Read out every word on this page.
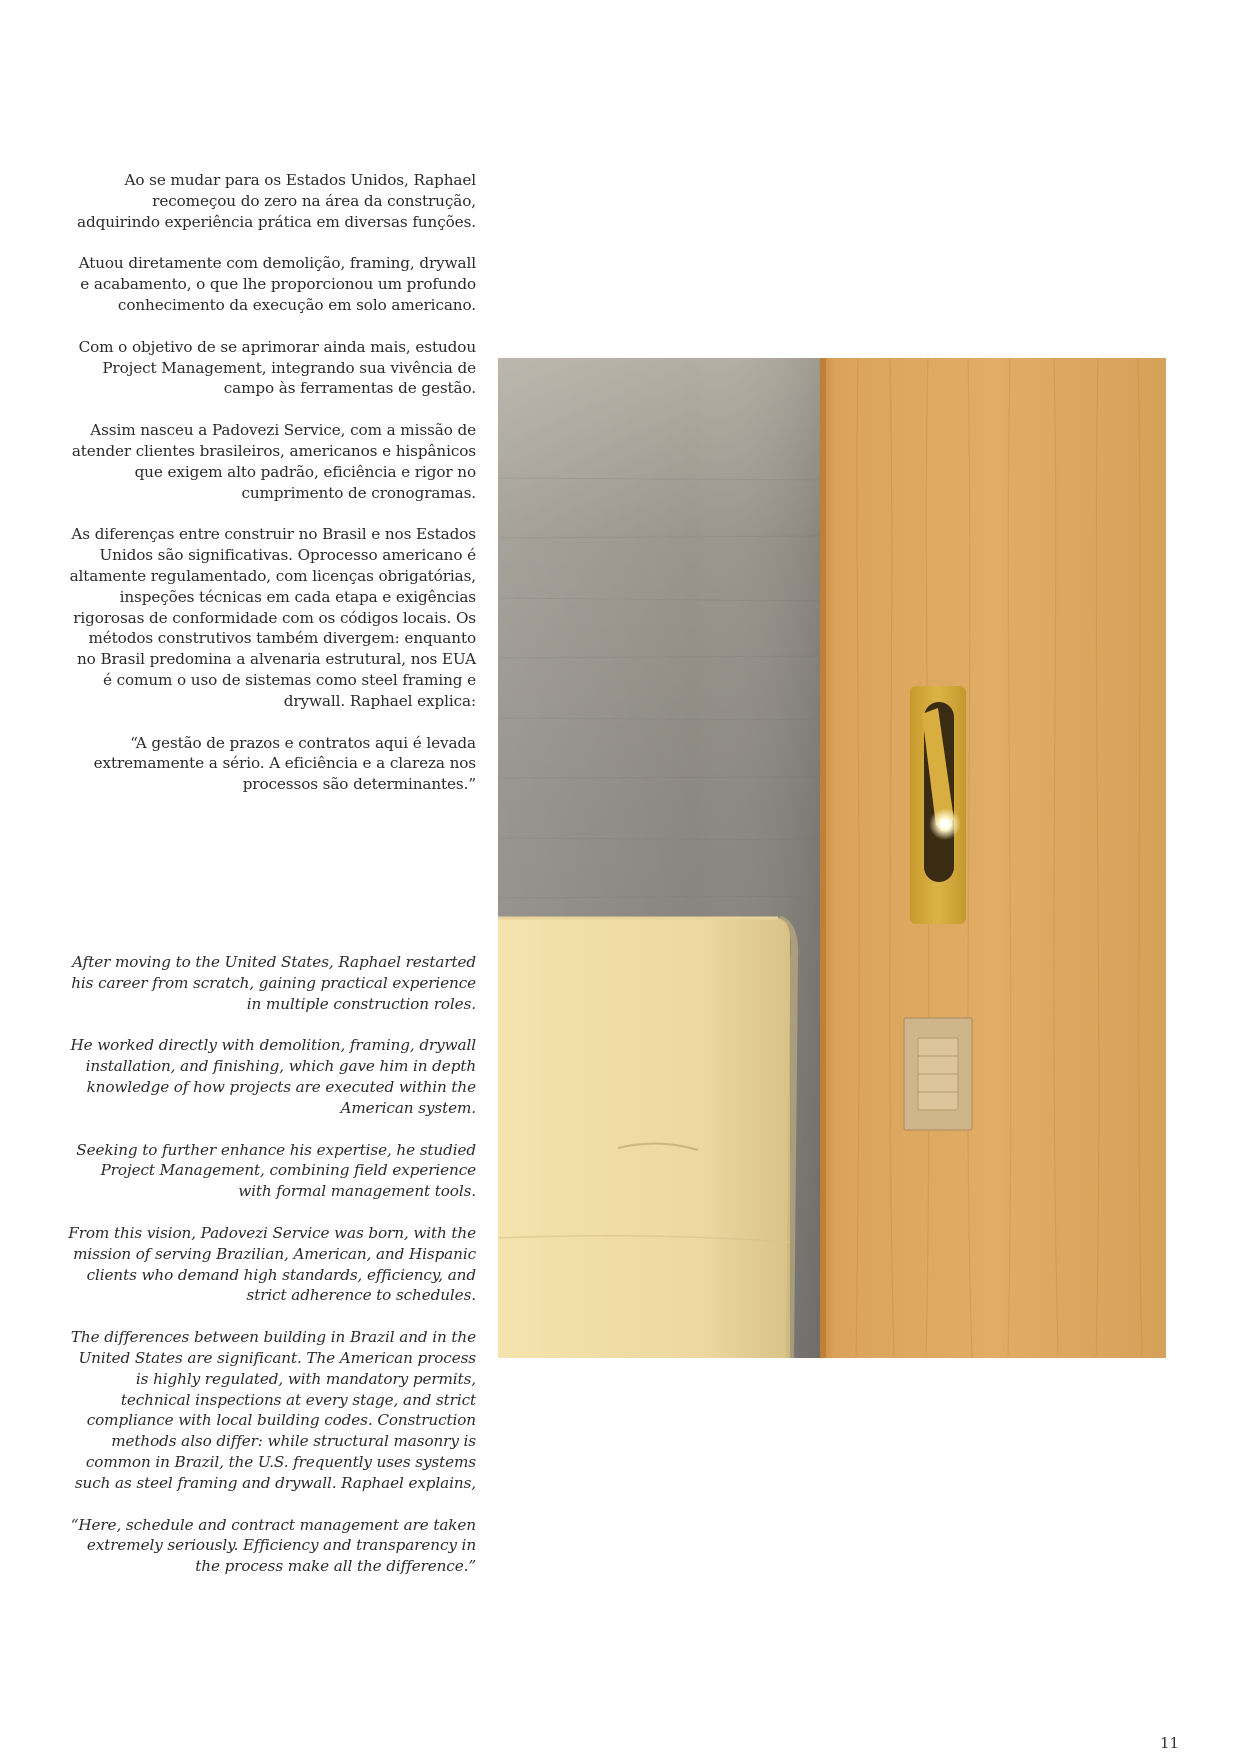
Ao se mudar para os Estados Unidos, Raphael recomeçou do zero na área da construção, adquirindo experiência prática em diversas funções.

Atuou diretamente com demolição, framing, drywall e acabamento, o que lhe proporcionou um profundo conhecimento da execução em solo americano.

Com o objetivo de se aprimorar ainda mais, estudou Project Management, integrando sua vivência de campo às ferramentas de gestão.

Assim nasceu a Padovezi Service, com a missão de atender clientes brasileiros, americanos e hispânicos que exigem alto padrão, eficiência e rigor no cumprimento de cronogramas.

As diferenças entre construir no Brasil e nos Estados Unidos são significativas. Oprocesso americano é altamente regulamentado, com licenças obrigatórias, inspeções técnicas em cada etapa e exigências rigorosas de conformidade com os códigos locais. Os métodos construtivos também divergem: enquanto no Brasil predomina a alvenaria estrutural, nos EUA é comum o uso de sistemas como steel framing e drywall. Raphael explica:

“A gestão de prazos e contratos aqui é levada extremamente a sério. A eficiência e a clareza nos processos são determinantes.”

After moving to the United States, Raphael restarted his career from scratch, gaining practical experience in multiple construction roles.

He worked directly with demolition, framing, drywall installation, and finishing, which gave him in depth knowledge of how projects are executed within the American system.

Seeking to further enhance his expertise, he studied Project Management, combining field experience with formal management tools.

From this vision, Padovezi Service was born, with the mission of serving Brazilian, American, and Hispanic clients who demand high standards, efficiency, and strict adherence to schedules.

The differences between building in Brazil and in the United States are significant. The American process is highly regulated, with mandatory permits, technical inspections at every stage, and strict compliance with local building codes. Construction methods also differ: while structural masonry is common in Brazil, the U.S. frequently uses systems such as steel framing and drywall. Raphael explains,

“Here, schedule and contract management are taken extremely seriously. Efficiency and transparency in the process make all the difference.”

11
